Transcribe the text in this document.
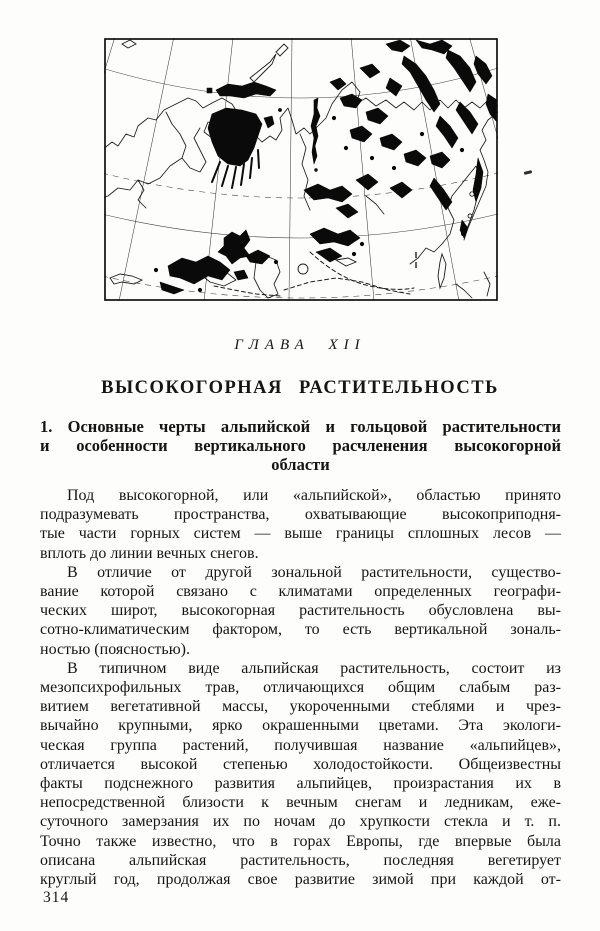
ГЛАВА XII
ВЫСОКОГОРНАЯ РАСТИТЕЛЬНОСТЬ
1. Основные черты альпийской и гольцовой растительности
и особенности вертикального расчленения высокогорной
области
Под высокогорной, или «альпийской», областью принято
подразумевать пространства, охватывающие высокоприподня-
тые части горных систем — выше границы сплошных лесов —
вплоть до линии вечных снегов.
В отличие от другой зональной растительности, существо-
вание которой связано с климатами определенных географи-
ческих широт, высокогорная растительность обусловлена вы-
сотно-климатическим фактором, то есть вертикальной зональ-
ностью (поясностью).
В типичном виде альпийская растительность, состоит из
мезопсихрофильных трав, отличающихся общим слабым раз-
витием вегетативной массы, укороченными стеблями и чрез-
вычайно крупными, ярко окрашенными цветами. Эта экологи-
ческая группа растений, получившая название «альпийцев»,
отличается высокой степенью холодостойкости. Общеизвестны
факты подснежного развития альпийцев, произрастания их в
непосредственной близости к вечным снегам и ледникам, еже-
суточного замерзания их по ночам до хрупкости стекла и т. п.
Точно также известно, что в горах Европы, где впервые была
описана альпийская растительность, последняя вегетирует
круглый год, продолжая свое развитие зимой при каждой от-
314
